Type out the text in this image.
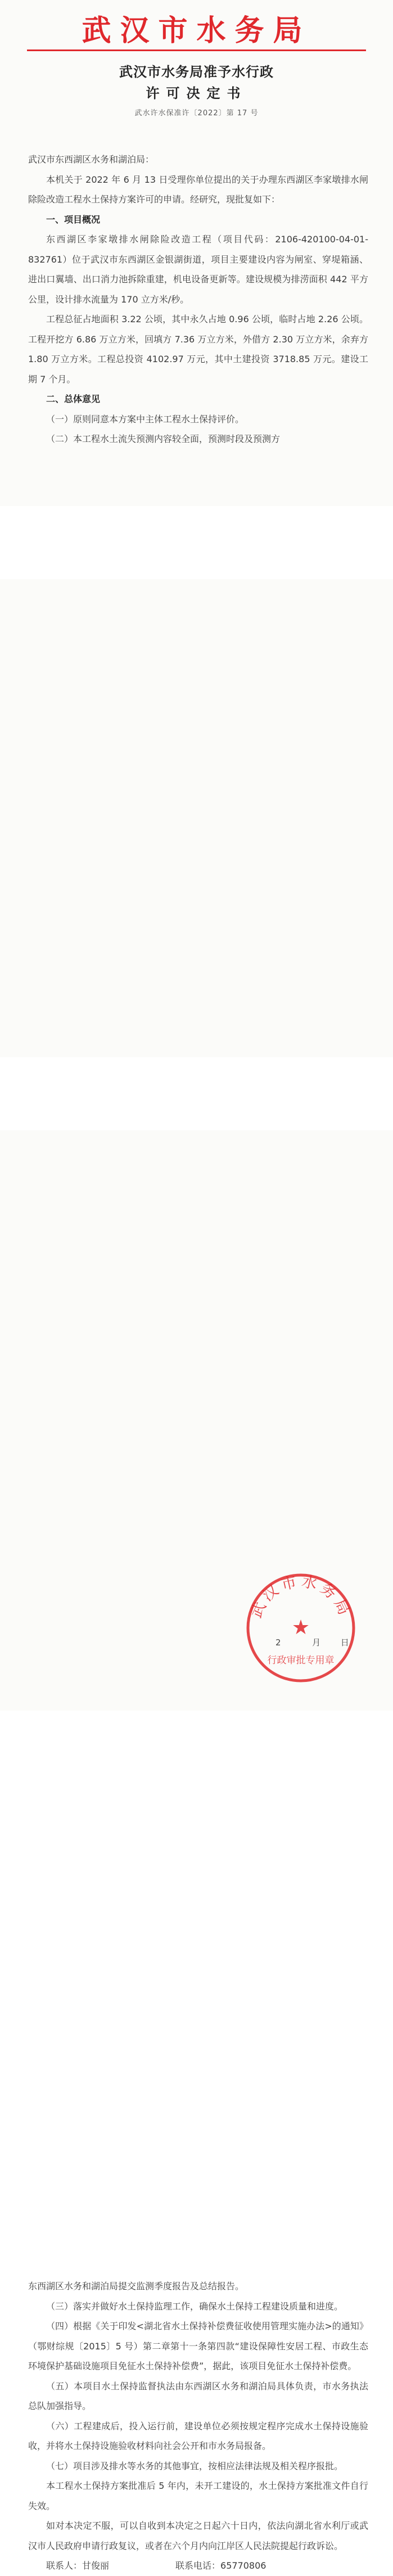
武汉市水务局
武汉市水务局准予水行政
许可决定书
武水许水保准许〔2022〕第 17 号

武汉市东西湖区水务和湖泊局：

本机关于 2022 年 6 月 13 日受理你单位提出的关于办理东西湖区李家墩排水闸除险改造工程水土保持方案许可的申请。经研究，现批复如下：

一、项目概况

东西湖区李家墩排水闸除险改造工程（项目代码：2106-420100-04-01-832761）位于武汉市东西湖区金银湖街道，项目主要建设内容为闸室、穿堤箱涵、进出口翼墙、出口消力池拆除重建，机电设备更新等。建设规模为排涝面积 442 平方公里，设计排水流量为 170 立方米/秒。

工程总征占地面积 3.22 公顷，其中永久占地 0.96 公顷，临时占地 2.26 公顷。工程开挖方 6.86 万立方米，回填方 7.36 万立方米，外借方 2.30 万立方米，余弃方 1.80 万立方米。工程总投资 4102.97 万元，其中土建投资 3718.85 万元。建设工期 7 个月。

二、总体意见

（一）原则同意本方案中主体工程水土保持评价。

（二）本工程水土流失预测内容较全面，预测时段及预测方

东西湖区水务和湖泊局提交监测季度报告及总结报告。

（三）落实并做好水土保持监理工作，确保水土保持工程建设质量和进度。

（四）根据《关于印发<湖北省水土保持补偿费征收使用管理实施办法>的通知》（鄂财综规〔2015〕5 号）第二章第十一条第四款“建设保障性安居工程、市政生态环境保护基础设施项目免征水土保持补偿费”，据此，该项目免征水土保持补偿费。

（五）本项目水土保持监督执法由东西湖区水务和湖泊局具体负责，市水务执法总队加强指导。

（六）工程建成后，投入运行前，建设单位必须按规定程序完成水土保持设施验收，并将水土保持设施验收材料向社会公开和市水务局报备。

（七）项目涉及排水等水务的其他事宜，按相应法律法规及相关程序报批。

本工程水土保持方案批准后 5 年内，未开工建设的，水土保持方案批准文件自行失效。

如对本决定不服，可以自收到本决定之日起六十日内，依法向湖北省水利厅或武汉市人民政府申请行政复议，或者在六个月内向江岸区人民法院提起行政诉讼。

联系人：甘俊丽	联系电话：65770806
武汉市水务局
★
行政审批专用章
2	月 日
